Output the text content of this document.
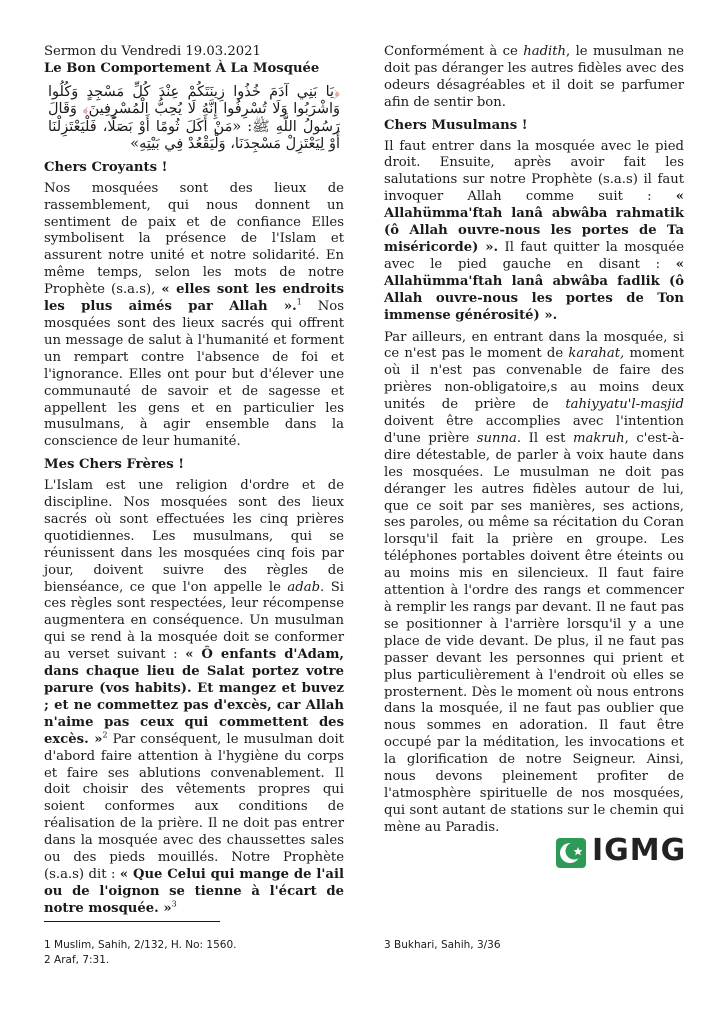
Sermon du Vendredi 19.03.2021

Le Bon Comportement À La Mosquée

﴿يَا بَنِي آدَمَ خُذُوا زِينَتَكُمْ عِنْدَ كُلِّ مَسْجِدٍ وَكُلُوا وَاشْرَبُوا وَلَا تُسْرِفُوا إِنَّهُ لَا يُحِبُّ الْمُسْرِفِينَ﴾ وَقَالَ رَسُولُ اللَّهِ ﷺ: «مَنْ أَكَلَ ثُومًا أَوْ بَصَلًا، فَلْيَعْتَزِلْنَا أَوْ لِيَعْتَزِلْ مَسْجِدَنَا، وَلْيَقْعُدْ فِي بَيْتِهِ»

Chers Croyants !

Nos mosquées sont des lieux de rassemblement, qui nous donnent un sentiment de paix et de confiance Elles symbolisent la présence de l'Islam et assurent notre unité et notre solidarité. En même temps, selon les mots de notre Prophète (s.a.s), « elles sont les endroits les plus aimés par Allah ».$^1$ Nos mosquées sont des lieux sacrés qui offrent un message de salut à l'humanité et forment un rempart contre l'absence de foi et l'ignorance. Elles ont pour but d'élever une communauté de savoir et de sagesse et appellent les gens et en particulier les musulmans, à agir ensemble dans la conscience de leur humanité.

Mes Chers Frères !

L'Islam est une religion d'ordre et de discipline. Nos mosquées sont des lieux sacrés où sont effectuées les cinq prières quotidiennes. Les musulmans, qui se réunissent dans les mosquées cinq fois par jour, doivent suivre des règles de bienséance, ce que l'on appelle le adab. Si ces règles sont respectées, leur récompense augmentera en conséquence. Un musulman qui se rend à la mosquée doit se conformer au verset suivant : « Ô enfants d'Adam, dans chaque lieu de Salat portez votre parure (vos habits). Et mangez et buvez ; et ne commettez pas d'excès, car Allah n'aime pas ceux qui commettent des excès. »$^2$ Par conséquent, le musulman doit d'abord faire attention à l'hygiène du corps et faire ses ablutions convenablement. Il doit choisir des vêtements propres qui soient conformes aux conditions de réalisation de la prière. Il ne doit pas entrer dans la mosquée avec des chaussettes sales ou des pieds mouillés. Notre Prophète (s.a.s) dit : « Que Celui qui mange de l'ail ou de l'oignon se tienne à l'écart de notre mosquée. »$^3$

Conformément à ce hadith, le musulman ne doit pas déranger les autres fidèles avec des odeurs désagréables et il doit se parfumer afin de sentir bon.

Chers Musulmans !

Il faut entrer dans la mosquée avec le pied droit. Ensuite, après avoir fait les salutations sur notre Prophète (s.a.s) il faut invoquer Allah comme suit : « Allahümma'ftah lanâ abwâba rahmatik (ô Allah ouvre-nous les portes de Ta miséricorde) ». Il faut quitter la mosquée avec le pied gauche en disant : « Allahümma'ftah lanâ abwâba fadlik (ô Allah ouvre-nous les portes de Ton immense générosité) ».

Par ailleurs, en entrant dans la mosquée, si ce n'est pas le moment de karahat, moment où il n'est pas convenable de faire des prières non-obligatoire,s au moins deux unités de prière de tahiyyatu'l-masjid doivent être accomplies avec l'intention d'une prière sunna. Il est makruh, c'est-à-dire détestable, de parler à voix haute dans les mosquées. Le musulman ne doit pas déranger les autres fidèles autour de lui, que ce soit par ses manières, ses actions, ses paroles, ou même sa récitation du Coran lorsqu'il fait la prière en groupe. Les téléphones portables doivent être éteints ou au moins mis en silencieux. Il faut faire attention à l'ordre des rangs et commencer à remplir les rangs par devant. Il ne faut pas se positionner à l'arrière lorsqu'il y a une place de vide devant. De plus, il ne faut pas passer devant les personnes qui prient et plus particulièrement à l'endroit où elles se prosternent. Dès le moment où nous entrons dans la mosquée, il ne faut pas oublier que nous sommes en adoration. Il faut être occupé par la méditation, les invocations et la glorification de notre Seigneur. Ainsi, nous devons pleinement profiter de l'atmosphère spirituelle de nos mosquées, qui sont autant de stations sur le chemin qui mène au Paradis.

IGMG
1 Muslim, Sahih, 2/132, H. No: 1560.
2 Araf, 7:31.
3 Bukhari, Sahih, 3/36
